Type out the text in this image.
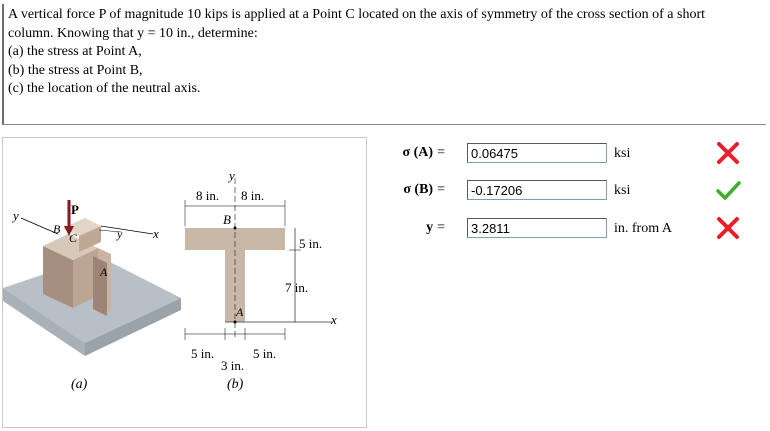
A vertical force P of magnitude 10 kips is applied at a Point C located on the axis of symmetry of the cross section of a short

column. Knowing that y = 10 in., determine:

(a) the stress at Point A,

(b) the stress at Point B,

(c) the location of the neutral axis.

y	P
B
C	y x
A
(a)
y
8 in. 8 in.
B
5 in.
7 in.
A	x
5 in.	5 in.
3 in.
(b)
σ (A) =
0.06475	ksi
σ (B) =
-0.17206	ksi
y =
3.2811	in. from A
